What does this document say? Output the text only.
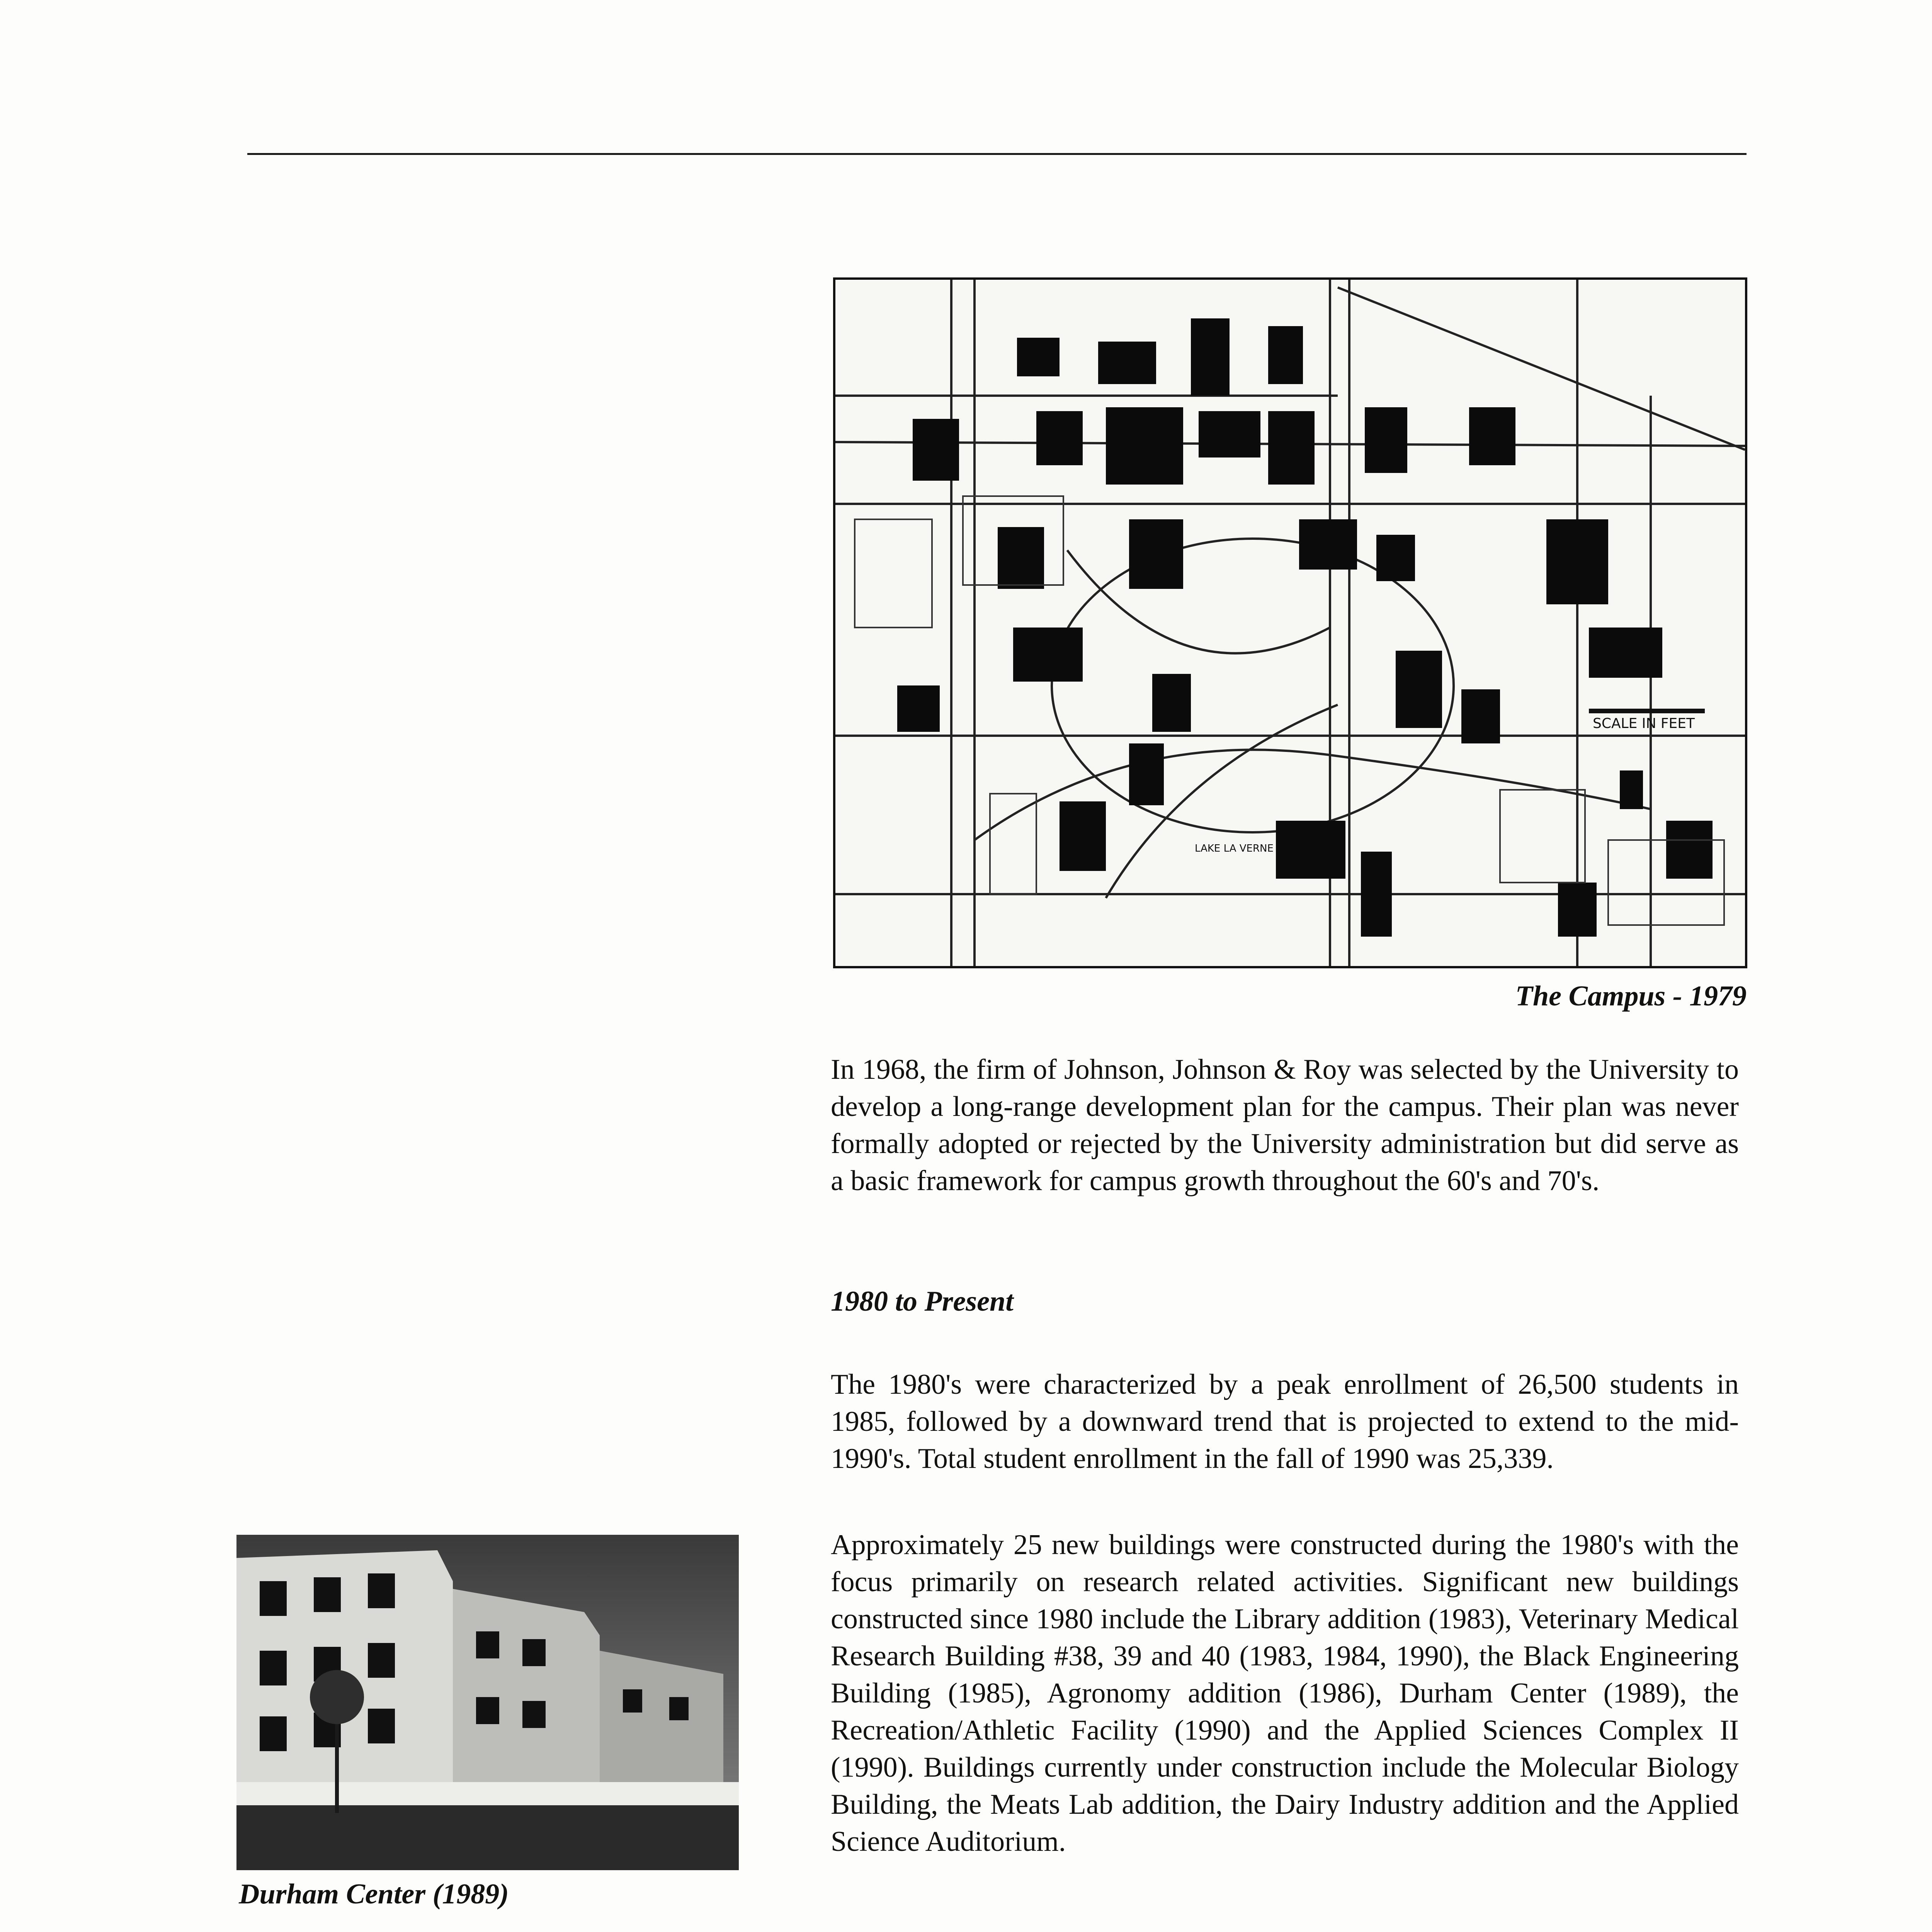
SCALE IN FEET
LAKE LA VERNE
The Campus - 1979

In 1968, the firm of Johnson, Johnson & Roy was selected by the University to develop a long-range development plan for the campus. Their plan was never formally adopted or rejected by the University administration but did serve as a basic framework for campus growth throughout the 60's and 70's.

1980 to Present

The 1980's were characterized by a peak enrollment of 26,500 students in 1985, followed by a downward trend that is projected to extend to the mid-1990's. Total student enrollment in the fall of 1990 was 25,339.

Approximately 25 new buildings were constructed during the 1980's with the focus primarily on research related activities. Significant new buildings constructed since 1980 include the Library addition (1983), Veterinary Medical Research Building #38, 39 and 40 (1983, 1984, 1990), the Black Engineering Building (1985), Agronomy addition (1986), Durham Center (1989), the Recreation/Athletic Facility (1990) and the Applied Sciences Complex II (1990). Buildings currently under construction include the Molecular Biology Building, the Meats Lab addition, the Dairy Industry addition and the Applied Science Auditorium.

Durham Center (1989)
